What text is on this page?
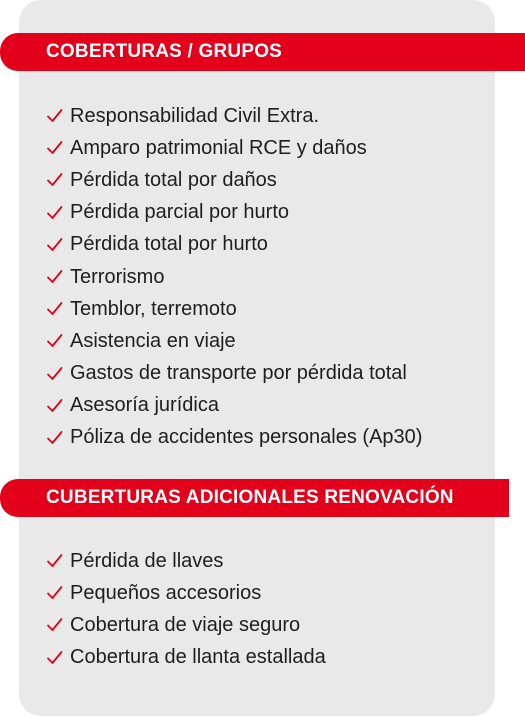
COBERTURAS / GRUPOS
Responsabilidad Civil Extra.
Amparo patrimonial RCE y daños
Pérdida total por daños
Pérdida parcial por hurto
Pérdida total por hurto
Terrorismo
Temblor, terremoto
Asistencia en viaje
Gastos de transporte por pérdida total
Asesoría jurídica
Póliza de accidentes personales (Ap30)
CUBERTURAS ADICIONALES RENOVACIÓN
Pérdida de llaves
Pequeños accesorios
Cobertura de viaje seguro
Cobertura de llanta estallada
